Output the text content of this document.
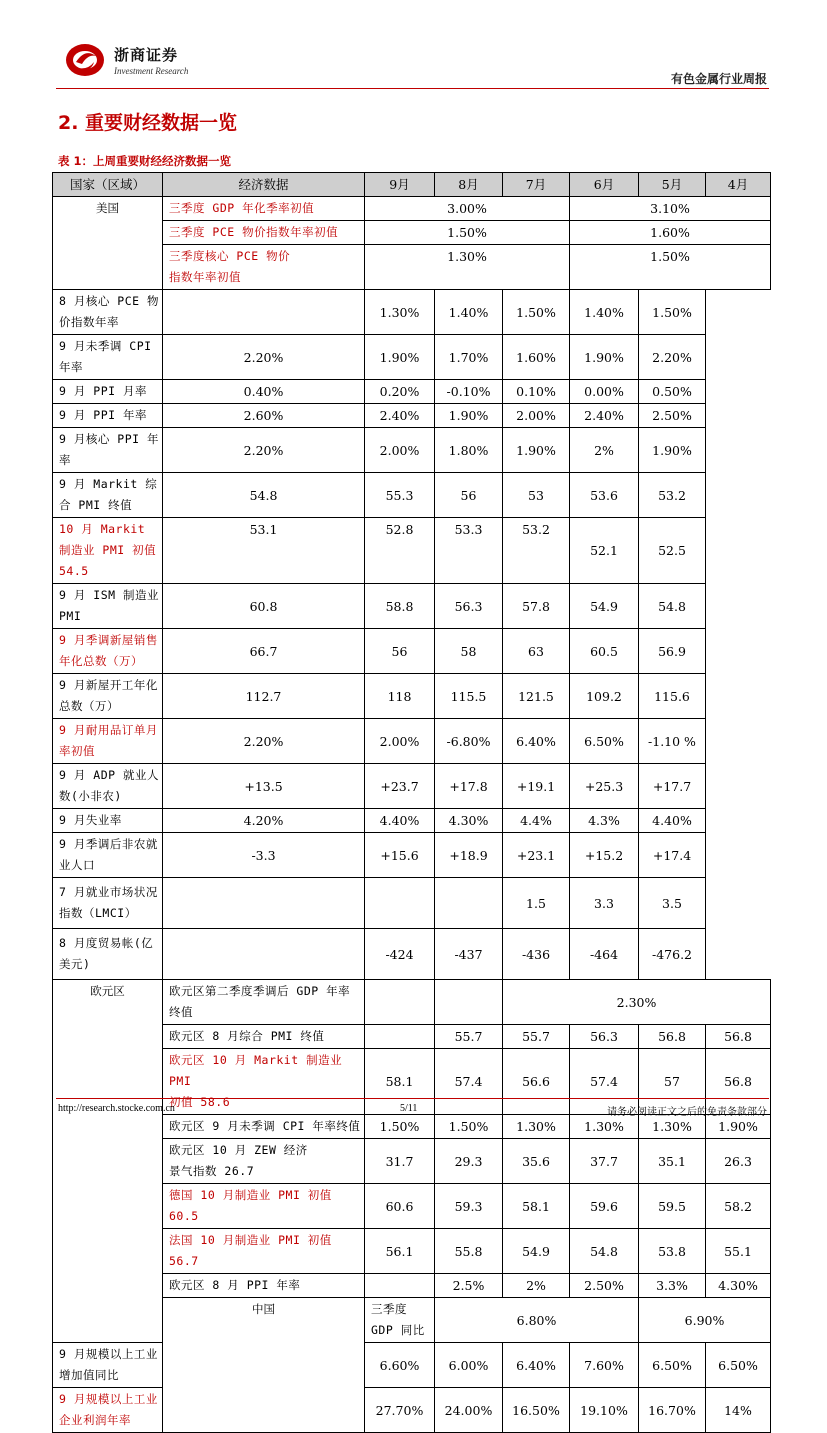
浙商证券
Investment Research
有色金属行业周报
2. 重要财经数据一览
表 1：上周重要财经经济数据一览
国家（区域）	经济数据	9月	8月	7月	6月	5月	4月
美国	三季度 GDP 年化季率初值	3.00%			3.10%		
	三季度 PCE 物价指数年率初值	1.50%			1.60%		
	三季度核心 PCE 物价
指数年率初值	1.30%			1.50%		
8 月核心 PCE 物价指数年率		1.30%	1.40%	1.50%	1.40%	1.50%	
9 月未季调 CPI 年率	2.20%	1.90%	1.70%	1.60%	1.90%	2.20%	
9 月 PPI 月率	0.40%	0.20%	-0.10%	0.10%	0.00%	0.50%	
9 月 PPI 年率	2.60%	2.40%	1.90%	2.00%	2.40%	2.50%	
9 月核心 PPI 年率	2.20%	2.00%	1.80%	1.90%	2%	1.90%	
9 月 Markit 综合 PMI 终值	54.8	55.3	56	53	53.6	53.2	
10 月 Markit 制造业 PMI 初值
54.5	53.1	52.8	53.3	53.2	52.1	52.5	
9 月 ISM 制造业 PMI	60.8	58.8	56.3	57.8	54.9	54.8	
9 月季调新屋销售年化总数（万）	66.7	56	58	63	60.5	56.9	
9 月新屋开工年化总数（万）	112.7	118	115.5	121.5	109.2	115.6	
9 月耐用品订单月率初值	2.20%	2.00%	-6.80%	6.40%	6.50%	-1.10 %	
9 月 ADP 就业人数(小非农)	+13.5	+23.7	+17.8	+19.1	+25.3	+17.7	
9 月失业率	4.20%	4.40%	4.30%	4.4%	4.3%	4.40%	
9 月季调后非农就业人口	-3.3	+15.6	+18.9	+23.1	+15.2	+17.4	
7 月就业市场状况指数（LMCI）				1.5	3.3	3.5	
8 月度贸易帐(亿美元)		-424	-437	-436	-464	-476.2	
欧元区	欧元区第二季度季调后 GDP 年率
终值			2.30%			
	欧元区 8 月综合 PMI 终值		55.7	55.7	56.3	56.8	56.8
	欧元区 10 月 Markit 制造业 PMI
初值 58.6	58.1	57.4	56.6	57.4	57	56.8
	欧元区 9 月未季调 CPI 年率终值	1.50%	1.50%	1.30%	1.30%	1.30%	1.90%
	欧元区 10 月 ZEW 经济
景气指数 26.7	31.7	29.3	35.6	37.7	35.1	26.3
	德国 10 月制造业 PMI 初值
60.5	60.6	59.3	58.1	59.6	59.5	58.2
	法国 10 月制造业 PMI 初值
56.7	56.1	55.8	54.9	54.8	53.8	55.1
	欧元区 8 月 PPI 年率		2.5%	2%	2.50%	3.3%	4.30%
	中国	三季度 GDP 同比	6.80%			6.90%	
9 月规模以上工业增加值同比		6.60%	6.00%	6.40%	7.60%	6.50%	6.50%
9 月规模以上工业企业利润年率		27.70%	24.00%	16.50%	19.10%	16.70%	14%
http://research.stocke.com.cn	5/11	请务必阅读正文之后的免责条款部分
